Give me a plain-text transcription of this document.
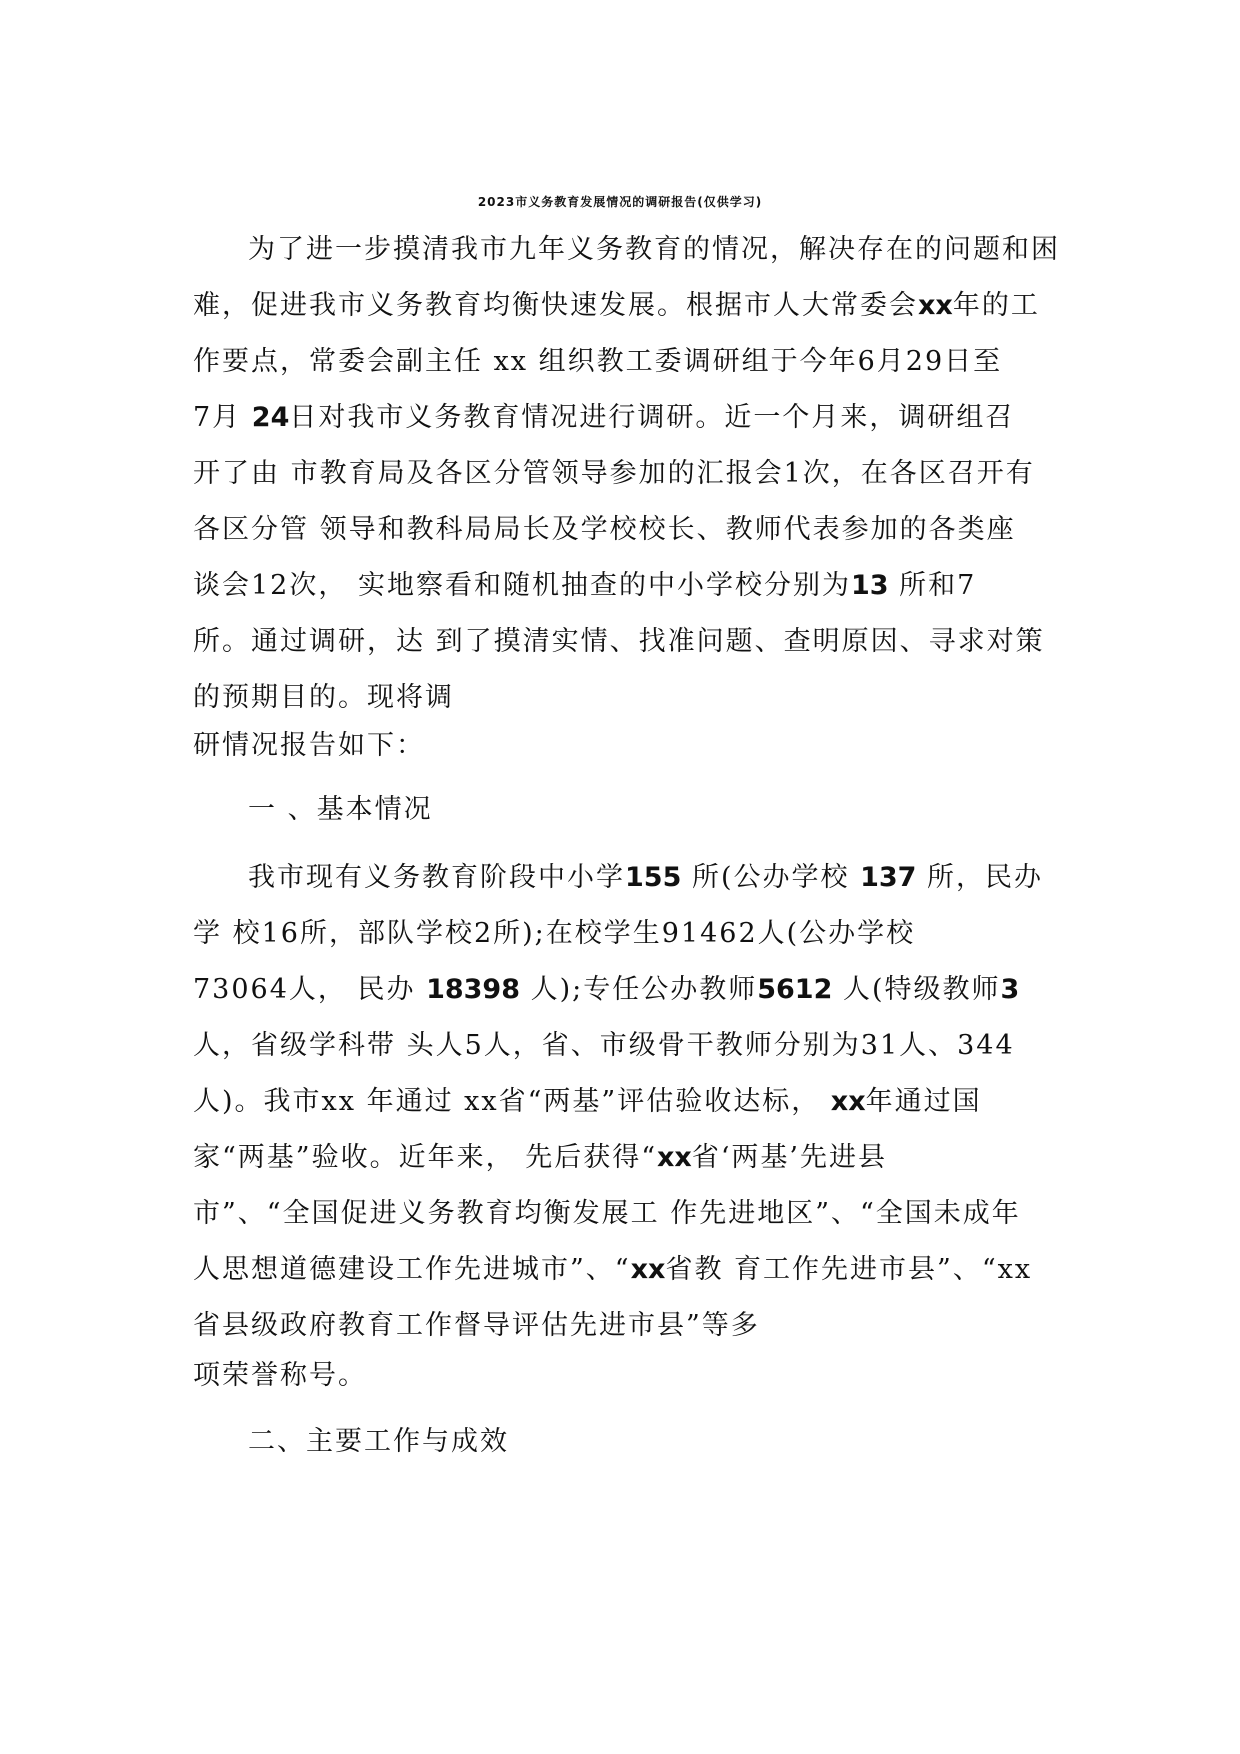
2023市义务教育发展情况的调研报告(仅供学习)
为了进一步摸清我市九年义务教育的情况，解决存在的问题和困
难，促进我市义务教育均衡快速发展。根据市人大常委会xx年的工
作要点，常委会副主任 xx 组织教工委调研组于今年6月29日至
7月 24日对我市义务教育情况进行调研。近一个月来，调研组召
开了由 市教育局及各区分管领导参加的汇报会1次，在各区召开有
各区分管 领导和教科局局长及学校校长、教师代表参加的各类座
谈会12次， 实地察看和随机抽查的中小学校分别为13 所和7
所。通过调研，达 到了摸清实情、找准问题、查明原因、寻求对策
的预期目的。现将调
研情况报告如下：
一 、基本情况
我市现有义务教育阶段中小学155 所(公办学校 137 所，民办
学 校16所，部队学校2所);在校学生91462人(公办学校
73064人， 民办 18398 人);专任公办教师5612 人(特级教师3
人，省级学科带 头人5人，省、市级骨干教师分别为31人、344
人)。我市xx 年通过 xx省“两基”评估验收达标， xx年通过国
家“两基”验收。近年来， 先后获得“xx省‘两基’先进县
市”、“全国促进义务教育均衡发展工 作先进地区”、“全国未成年
人思想道德建设工作先进城市”、“xx省教 育工作先进市县”、“xx
省县级政府教育工作督导评估先进市县”等多
项荣誉称号。
二、主要工作与成效
